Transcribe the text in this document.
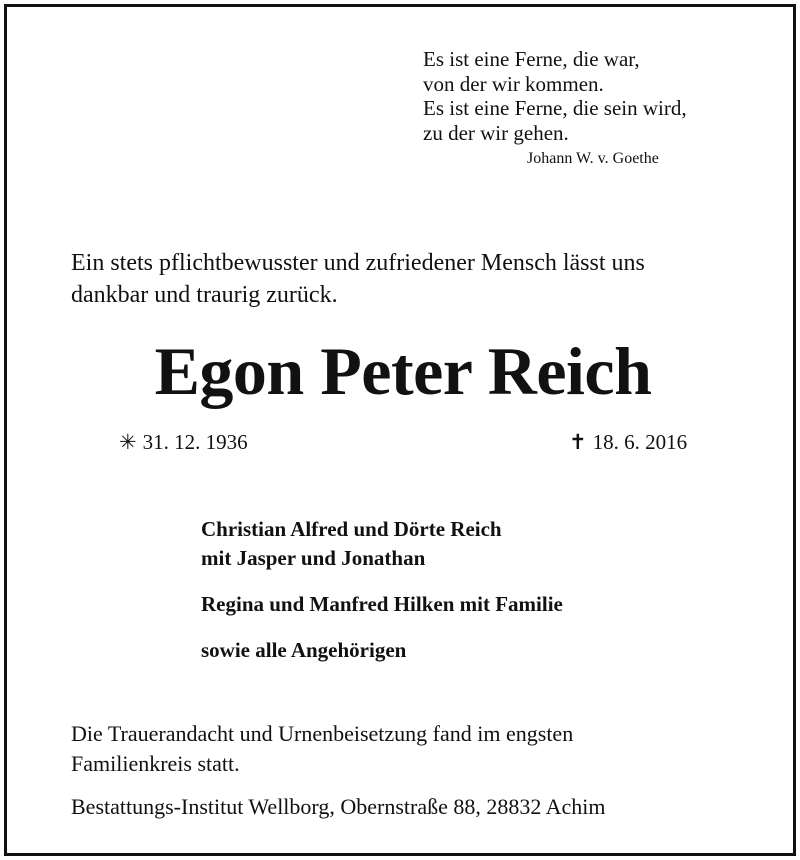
Es ist eine Ferne, die war,
von der wir kommen.
Es ist eine Ferne, die sein wird,
zu der wir gehen.
Johann W. v. Goethe
Ein stets pflichtbewusster und zufriedener Mensch lässt uns
dankbar und traurig zurück.
Egon Peter Reich
✳ 31. 12. 1936	✝ 18. 6. 2016
Christian Alfred und Dörte Reich
mit Jasper und Jonathan
Regina und Manfred Hilken mit Familie
sowie alle Angehörigen
Die Trauerandacht und Urnenbeisetzung fand im engsten
Familienkreis statt.
Bestattungs-Institut Wellborg, Obernstraße 88, 28832 Achim
